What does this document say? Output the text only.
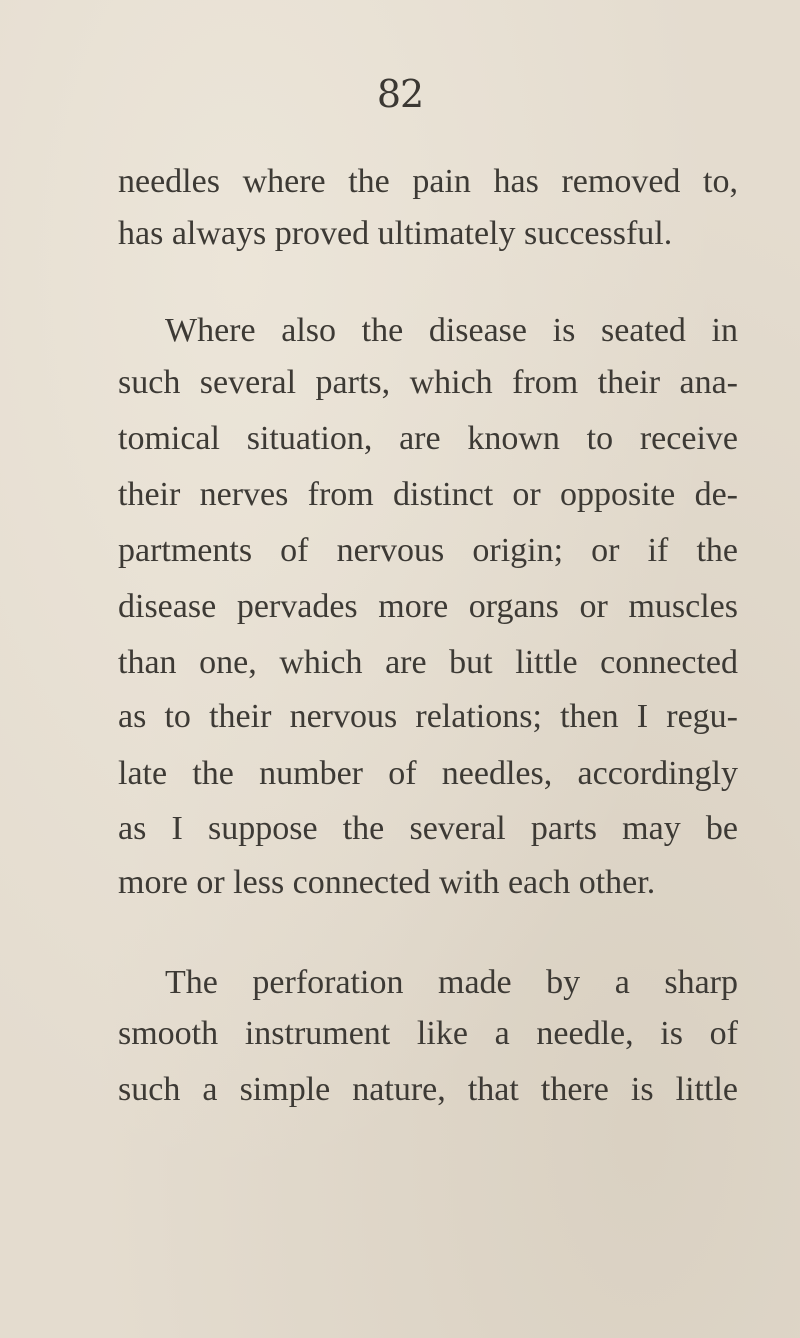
82
needles where the pain has removed to,
has always proved ultimately successful.
Where also the disease is seated in
such several parts, which from their ana-
tomical situation, are known to receive
their nerves from distinct or opposite de-
partments of nervous origin; or if the
disease pervades more organs or muscles
than one, which are but little connected
as to their nervous relations; then I regu-
late the number of needles, accordingly
as I suppose the several parts may be
more or less connected with each other.
The perforation made by a sharp
smooth instrument like a needle, is of
such a simple nature, that there is little
